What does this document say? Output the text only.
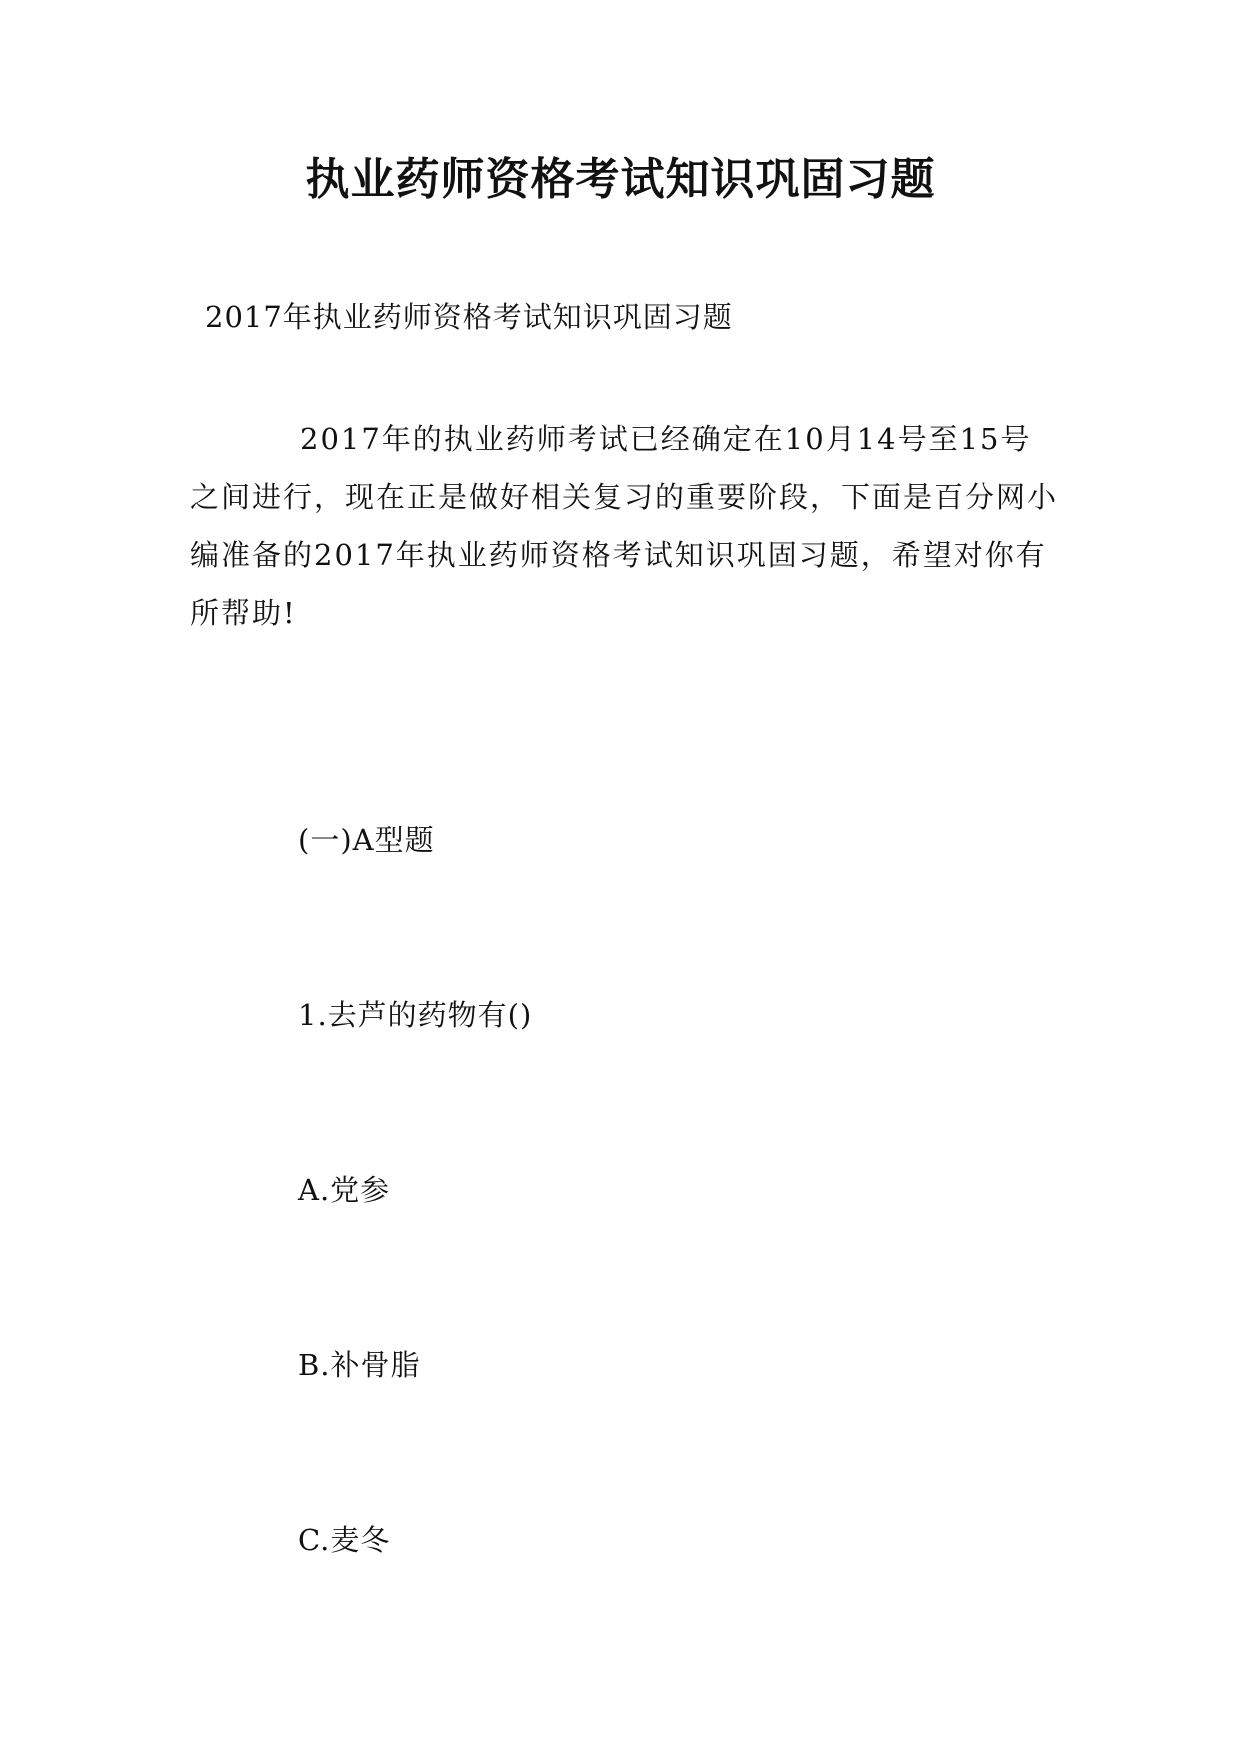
执业药师资格考试知识巩固习题
2017年执业药师资格考试知识巩固习题

2017年的执业药师考试已经确定在10月14号至15号之间进行，现在正是做好相关复习的重要阶段，下面是百分网小编准备的2017年执业药师资格考试知识巩固习题，希望对你有所帮助!

(一)A型题
1.去芦的药物有()
A.党参
B.补骨脂
C.麦冬
